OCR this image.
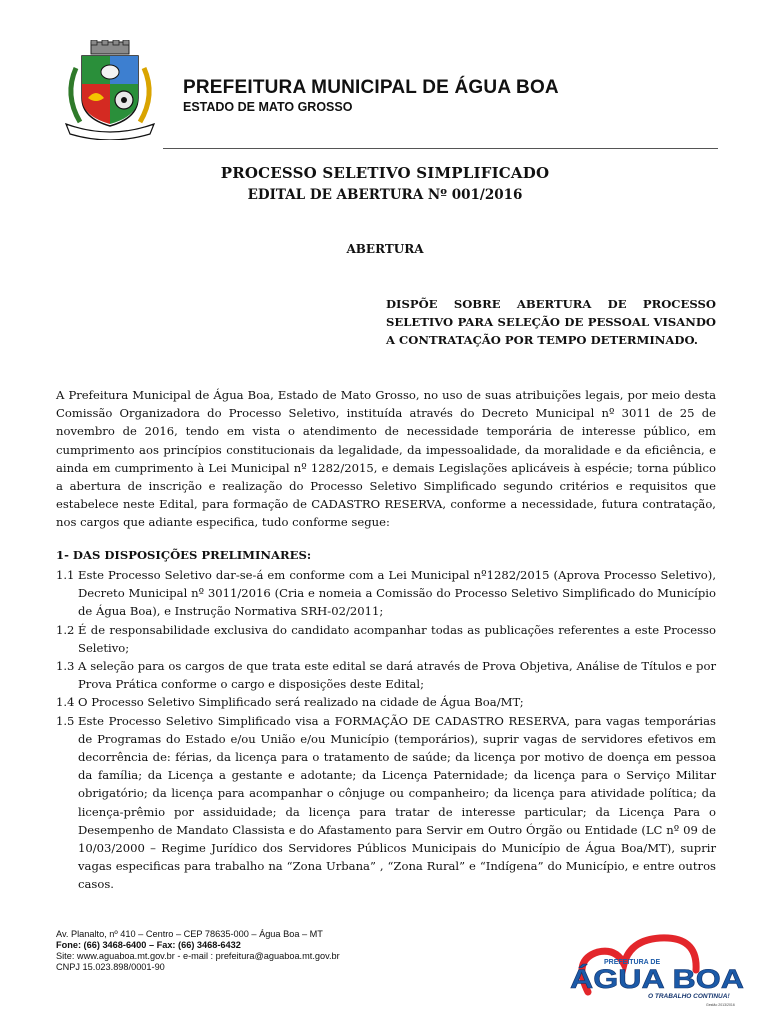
PREFEITURA MUNICIPAL DE ÁGUA BOA
ESTADO DE MATO GROSSO
PROCESSO SELETIVO SIMPLIFICADO
EDITAL DE ABERTURA Nº 001/2016
ABERTURA
DISPÕE SOBRE ABERTURA DE PROCESSO
SELETIVO PARA SELEÇÃO DE PESSOAL VISANDO A CONTRATAÇÃO POR TEMPO DETERMINADO.
A Prefeitura Municipal de Água Boa, Estado de Mato Grosso, no uso de suas atribuições legais, por meio desta Comissão Organizadora do Processo Seletivo, instituída através do Decreto Municipal nº 3011 de 25 de novembro de 2016, tendo em vista o atendimento de necessidade temporária de interesse público, em cumprimento aos princípios constitucionais da legalidade, da impessoalidade, da moralidade e da eficiência, e ainda em cumprimento à Lei Municipal nº 1282/2015, e demais Legislações aplicáveis à espécie; torna público a abertura de inscrição e realização do Processo Seletivo Simplificado segundo critérios e requisitos que estabelece neste Edital, para formação de CADASTRO RESERVA, conforme a necessidade, futura contratação, nos cargos que adiante especifica, tudo conforme segue:
1- DAS DISPOSIÇÕES PRELIMINARES:
1.1 Este Processo Seletivo dar-se-á em conforme com a Lei Municipal nº1282/2015 (Aprova Processo Seletivo), Decreto Municipal nº 3011/2016 (Cria e nomeia a Comissão do Processo Seletivo Simplificado do Município de Água Boa), e Instrução Normativa SRH-02/2011;
1.2 É de responsabilidade exclusiva do candidato acompanhar todas as publicações referentes a este Processo Seletivo;
1.3 A seleção para os cargos de que trata este edital se dará através de Prova Objetiva, Análise de Títulos e por Prova Prática conforme o cargo e disposições deste Edital;
1.4 O Processo Seletivo Simplificado será realizado na cidade de Água Boa/MT;
1.5 Este Processo Seletivo Simplificado visa a FORMAÇÃO DE CADASTRO RESERVA, para vagas temporárias de Programas do Estado e/ou União e/ou Município (temporários), suprir vagas de servidores efetivos em decorrência de: férias, da licença para o tratamento de saúde; da licença por motivo de doença em pessoa da família; da Licença a gestante e adotante; da Licença Paternidade; da licença para o Serviço Militar obrigatório; da licença para acompanhar o cônjuge ou companheiro; da licença para atividade política; da licença-prêmio por assiduidade; da licença para tratar de interesse particular; da Licença Para o Desempenho de Mandato Classista e do Afastamento para Servir em Outro Órgão ou Entidade (LC nº 09 de 10/03/2000 – Regime Jurídico dos Servidores Públicos Municipais do Município de Água Boa/MT), suprir vagas especificas para trabalho na “Zona Urbana” , “Zona Rural” e “Indígena” do Município, e entre outros casos.
Av. Planalto, nº 410 – Centro – CEP 78635-000 – Água Boa – MT
Fone: (66) 3468-6400 – Fax: (66) 3468-6432
Site: www.aguaboa.mt.gov.br - e-mail : prefeitura@aguaboa.mt.gov.br
CNPJ 15.023.898/0001-90	PREFEITURA DE
ÁGUA BOA
O TRABALHO CONTINUA!
Gestão 2013/2016
